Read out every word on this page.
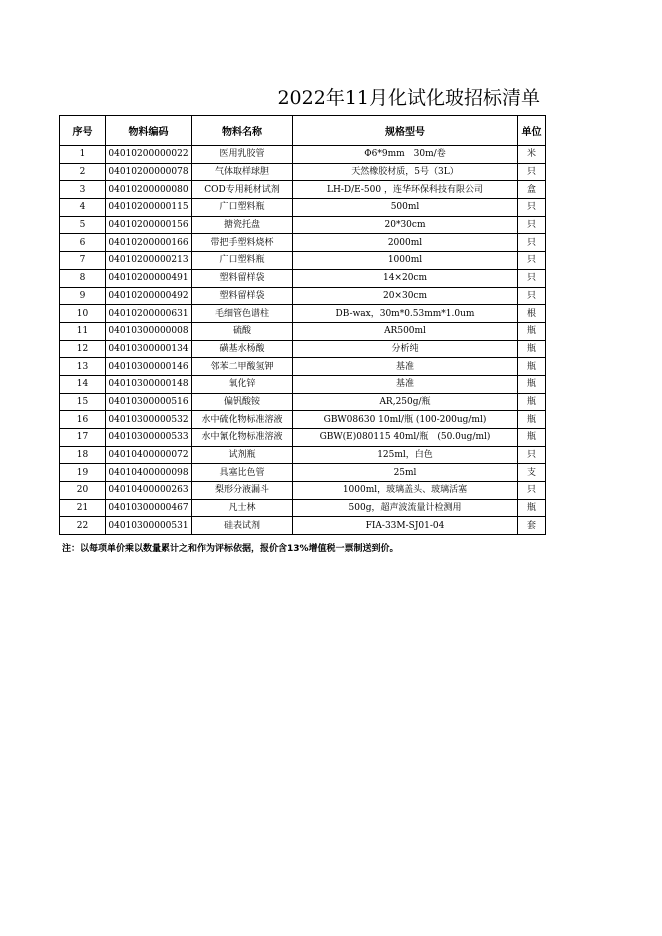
2022年11月化试化玻招标清单
序号	物料编码	物料名称	规格型号	单位
1	04010200000022	医用乳胶管	Φ6*9mm　30m/卷	米
2	04010200000078	气体取样球胆	天然橡胶材质，5号（3L）	只
3	04010200000080	COD专用耗材试剂	LH-D/E-500 ，连华环保科技有限公司	盒
4	04010200000115	广口塑料瓶	500ml	只
5	04010200000156	搪瓷托盘	20*30cm	只
6	04010200000166	带把手塑料烧杯	2000ml	只
7	04010200000213	广口塑料瓶	1000ml	只
8	04010200000491	塑料留样袋	14×20cm	只
9	04010200000492	塑料留样袋	20×30cm	只
10	04010200000631	毛细管色谱柱	DB-wax，30m*0.53mm*1.0um	根
11	04010300000008	硫酸	AR500ml	瓶
12	04010300000134	磺基水杨酸	分析纯	瓶
13	04010300000146	邻苯二甲酸氢钾	基准	瓶
14	04010300000148	氧化锌	基准	瓶
15	04010300000516	偏钒酸铵	AR,250g/瓶	瓶
16	04010300000532	水中硫化物标准溶液	GBW08630 10ml/瓶 (100-200ug/ml)	瓶
17	04010300000533	水中氰化物标准溶液	GBW(E)080115 40ml/瓶　(50.0ug/ml)	瓶
18	04010400000072	试剂瓶	125ml，白色	只
19	04010400000098	具塞比色管	25ml	支
20	04010400000263	梨形分液漏斗	1000ml，玻璃盖头、玻璃活塞	只
21	04010300000467	凡士林	500g，超声波流量计检测用	瓶
22	04010300000531	硅表试剂	FIA-33M-SJ01-04	套
注：以每项单价乘以数量累计之和作为评标依据，报价含13%增值税一票制送到价。
